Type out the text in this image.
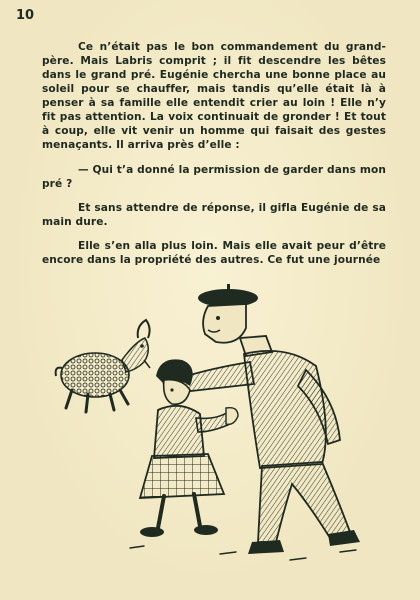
10

Ce n’était pas le bon commandement du grand-père. Mais Labris comprit ; il fit descendre les bêtes dans le grand pré. Eugénie chercha une bonne place au soleil pour se chauffer, mais tandis qu’elle était là à penser à sa famille elle entendit crier au loin ! Elle n’y fit pas attention. La voix continuait de gronder ! Et tout à coup, elle vit venir un homme qui faisait des gestes menaçants. Il arriva près d’elle :

— Qui t’a donné la permission de garder dans mon pré ?

Et sans attendre de réponse, il gifla Eugénie de sa main dure.

Elle s’en alla plus loin. Mais elle avait peur d’être encore dans la propriété des autres. Ce fut une journée
